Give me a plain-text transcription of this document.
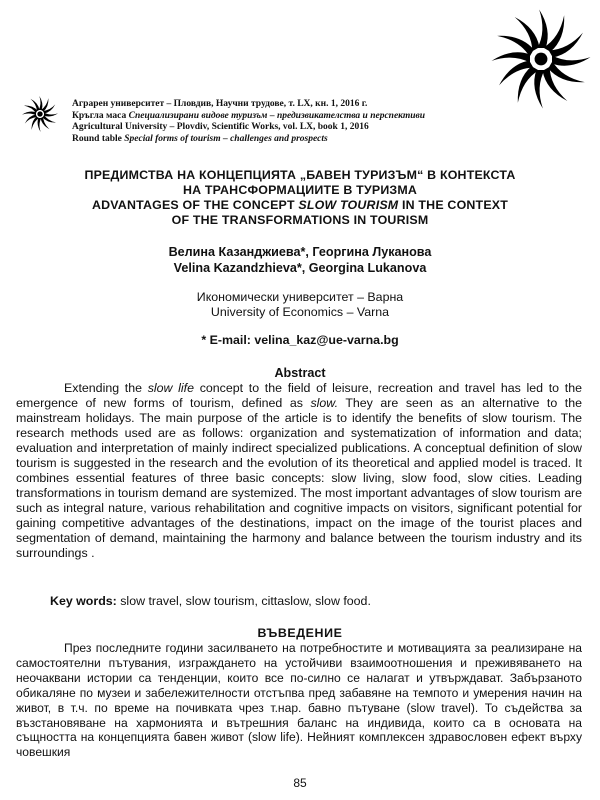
Аграрен университет – Пловдив, Научни трудове, т. LX, кн. 1, 2016 г.
Кръгла маса Специализирани видове туризъм – предизвикателства и перспективи
Agricultural University – Plovdiv, Scientific Works, vol. LX, book 1, 2016
Round table Special forms of tourism – challenges and prospects
ПРЕДИМСТВА НА КОНЦЕПЦИЯТА „БАВЕН ТУРИЗЪМ“ В КОНТЕКСТА
НА ТРАНСФОРМАЦИИТЕ В ТУРИЗМА
ADVANTAGES OF THE CONCEPT SLOW TOURISM IN THE CONTEXT
OF THE TRANSFORMATIONS IN TOURISM
Велина Казанджиева*, Георгина Луканова
Velina Kazandzhieva*, Georgina Lukanova
Икономически университет – Варна
University of Economics – Varna
* E-mail: velina_kaz@ue-varna.bg
Abstract

Extending the slow life concept to the field of leisure, recreation and travel has led to the emergence of new forms of tourism, defined as slow. They are seen as an alternative to the mainstream holidays. The main purpose of the article is to identify the benefits of slow tourism. The research methods used are as follows: organization and systematization of information and data; evaluation and interpretation of mainly indirect specialized publications. A conceptual definition of slow tourism is suggested in the research and the evolution of its theoretical and applied model is traced. It combines essential features of three basic concepts: slow living, slow food, slow cities. Leading transformations in tourism demand are systemized. The most important advantages of slow tourism are such as integral nature, various rehabilitation and cognitive impacts on visitors, significant potential for gaining competitive advantages of the destinations, impact on the image of the tourist places and segmentation of demand, maintaining the harmony and balance between the tourism industry and its surroundings .

Key words: slow travel, slow tourism, cittaslow, slow food.
ВЪВЕДЕНИЕ

През последните години засилването на потребностите и мотивацията за реализиране на самостоятелни пътувания, изграждането на устойчиви взаимоотношения и преживяването на неочаквани истории са тенденции, които все по-силно се налагат и утвърждават. Забързаното обикаляне по музеи и забележителности отстъпва пред забавяне на темпото и умерения начин на живот, в т.ч. по време на почивката чрез т.нар. бавно пътуване (slow travel). То съдейства за възстановяване на хармонията и вътрешния баланс на индивида, които са в основата на същността на концепцията бавен живот (slow life). Нейният комплексен здравословен ефект върху човешкия

85
